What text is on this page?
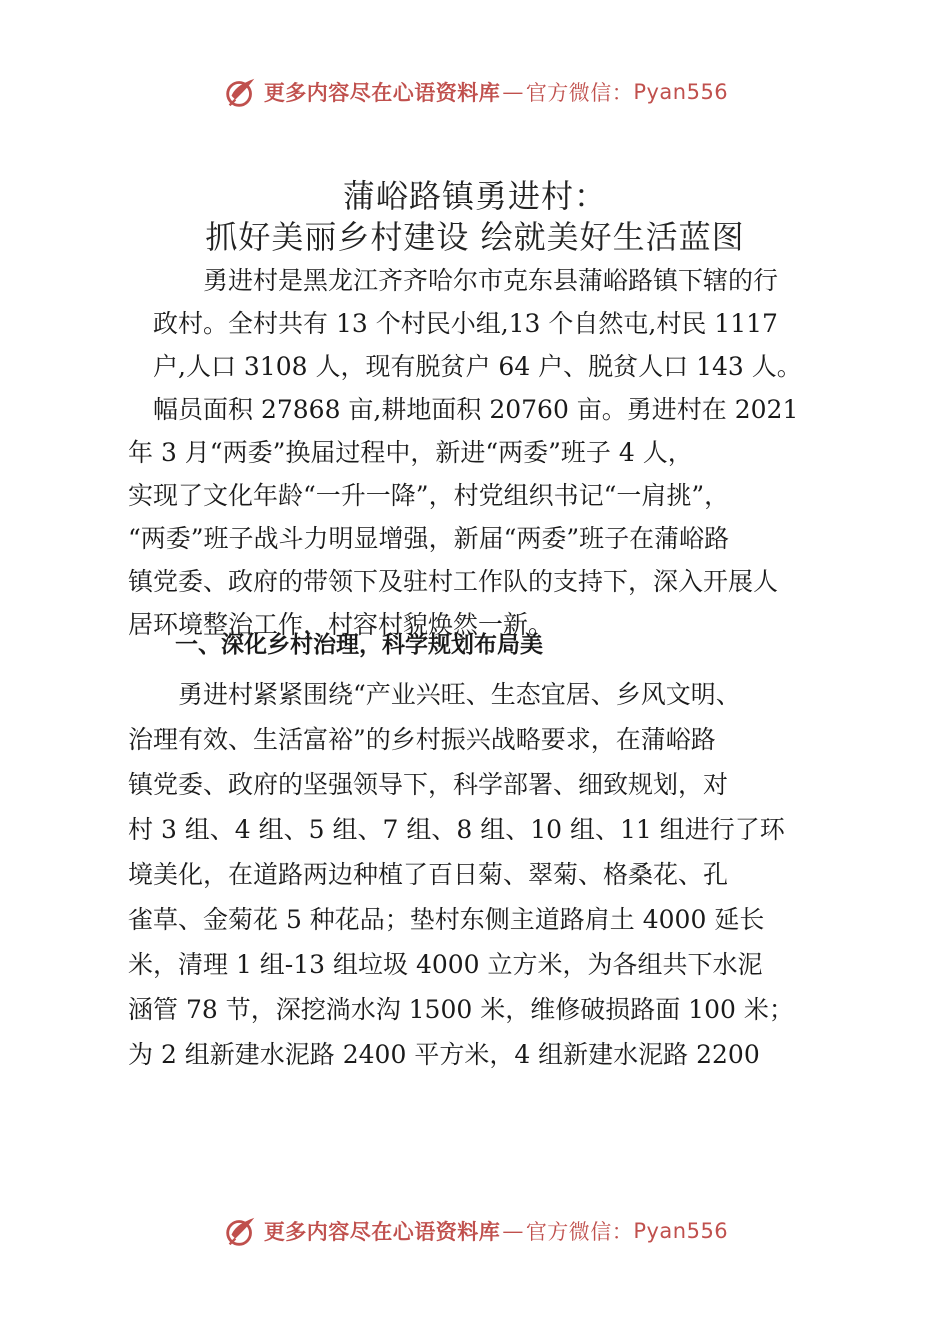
更多内容尽在心语资料库 — 官方微信： Pyan556
蒲峪路镇勇进村：
抓好美丽乡村建设 绘就美好生活蓝图
　　　勇进村是黑龙江齐齐哈尔市克东县蒲峪路镇下辖的行
　政村。全村共有 13 个村民小组,13 个自然屯,村民 1117
　户,人口 3108 人，现有脱贫户 64 户、脱贫人口 143 人。
　幅员面积 27868 亩,耕地面积 20760 亩。勇进村在 2021
年 3 月“两委”换届过程中，新进“两委”班子 4 人，
实现了文化年龄“一升一降”，村党组织书记“一肩挑”，
“两委”班子战斗力明显增强，新届“两委”班子在蒲峪路
镇党委、政府的带领下及驻村工作队的支持下，深入开展人
居环境整治工作，村容村貌焕然一新。
一、深化乡村治理，科学规划布局美
　　勇进村紧紧围绕“产业兴旺、生态宜居、乡风文明、
治理有效、生活富裕”的乡村振兴战略要求，在蒲峪路
镇党委、政府的坚强领导下，科学部署、细致规划，对
村 3 组、4 组、5 组、7 组、8 组、10 组、11 组进行了环
境美化，在道路两边种植了百日菊、翠菊、格桑花、孔
雀草、金菊花 5 种花品；垫村东侧主道路肩土 4000 延长
米，清理 1 组-13 组垃圾 4000 立方米，为各组共下水泥
涵管 78 节，深挖淌水沟 1500 米，维修破损路面 100 米；
为 2 组新建水泥路 2400 平方米，4 组新建水泥路 2200
更多内容尽在心语资料库 — 官方微信： Pyan556
